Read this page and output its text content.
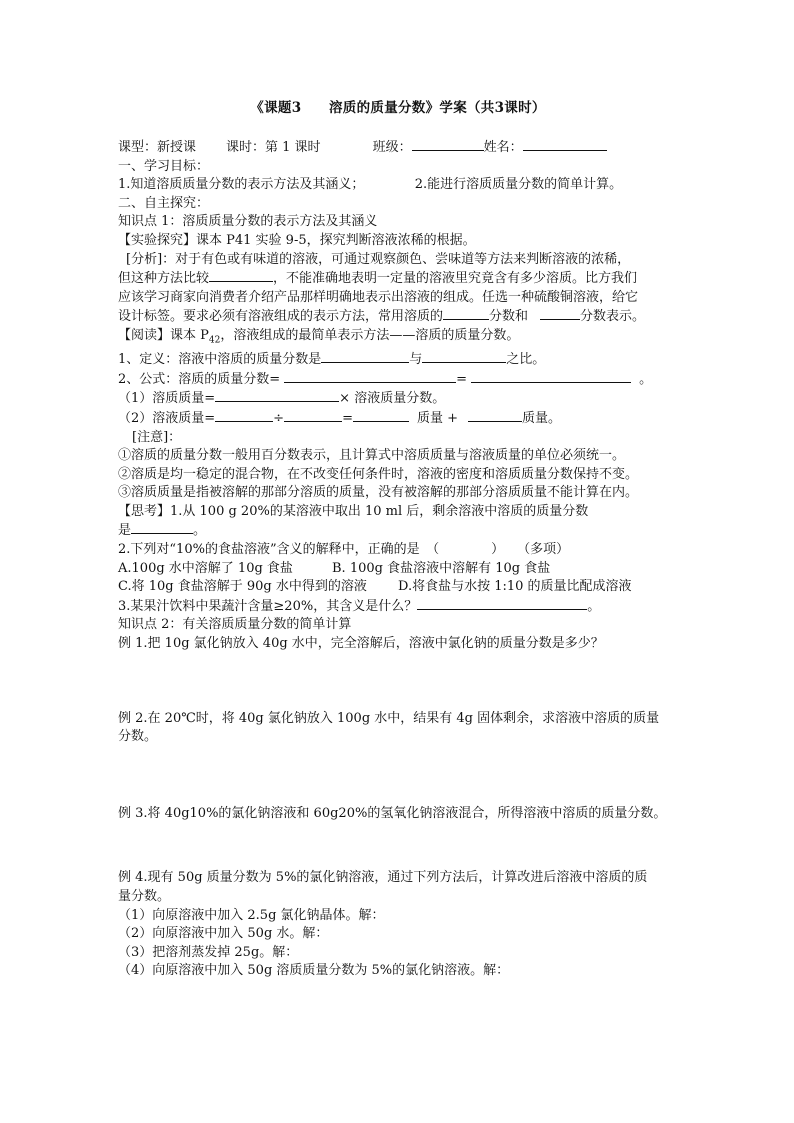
《课题3　　溶质的质量分数》学案（共3课时）
课型：新授课 课时：第 1 课时	班级：	姓名：
一、学习目标：
1.知道溶质质量分数的表示方法及其涵义；	2.能进行溶质质量分数的简单计算。
二、自主探究：
知识点 1：溶质质量分数的表示方法及其涵义
【实验探究】课本 P41 实验 9-5，探究判断溶液浓稀的根据。
[分析]：对于有色或有味道的溶液，可通过观察颜色、尝味道等方法来判断溶液的浓稀，
但这种方法比较	，不能准确地表明一定量的溶液里究竟含有多少溶质。比方我们
应该学习商家向消费者介绍产品那样明确地表示出溶液的组成。任选一种硫酸铜溶液，给它
设计标签。要求必须有溶液组成的表示方法，常用溶质的	分数和	分数表示。
【阅读】课本 $P_{42}$，溶液组成的最简单表示方法——溶质的质量分数。
1、定义：溶液中溶质的质量分数是	与	之比。
2、公式：溶质的质量分数=	=	。
（1）溶质质量=	× 溶液质量分数。
（2）溶液质量=	÷	=	质量 +	质量。
[注意]：
①溶质的质量分数一般用百分数表示，且计算式中溶质质量与溶液质量的单位必须统一。
②溶质是均一稳定的混合物，在不改变任何条件时，溶液的密度和溶质质量分数保持不变。
③溶质质量是指被溶解的那部分溶质的质量，没有被溶解的那部分溶质质量不能计算在内。
【思考】1.从 100 g 20%的某溶液中取出 10 ml 后，剩余溶液中溶质的质量分数
是	。
2.下列对“10%的食盐溶液”含义的解释中，正确的是　（　　　　）　　（多项）
A.100g 水中溶解了 10g 食盐	B. 100g 食盐溶液中溶解有 10g 食盐
C.将 10g 食盐溶解于 90g 水中得到的溶液 D.将食盐与水按 1:10 的质量比配成溶液
3.某果汁饮料中果蔬汁含量≥20%，其含义是什么？	。
知识点 2：有关溶质质量分数的简单计算
例 1.把 10g 氯化钠放入 40g 水中，完全溶解后，溶液中氯化钠的质量分数是多少？
例 2.在 20℃时，将 40g 氯化钠放入 100g 水中，结果有 4g 固体剩余，求溶液中溶质的质量
分数。
例 3.将 40g10%的氯化钠溶液和 60g20%的氢氧化钠溶液混合，所得溶液中溶质的质量分数。
例 4.现有 50g 质量分数为 5%的氯化钠溶液，通过下列方法后，计算改进后溶液中溶质的质
量分数。
（1）向原溶液中加入 2.5g 氯化钠晶体。解：
（2）向原溶液中加入 50g 水。解：
（3）把溶剂蒸发掉 25g。解：
（4）向原溶液中加入 50g 溶质质量分数为 5%的氯化钠溶液。解：
